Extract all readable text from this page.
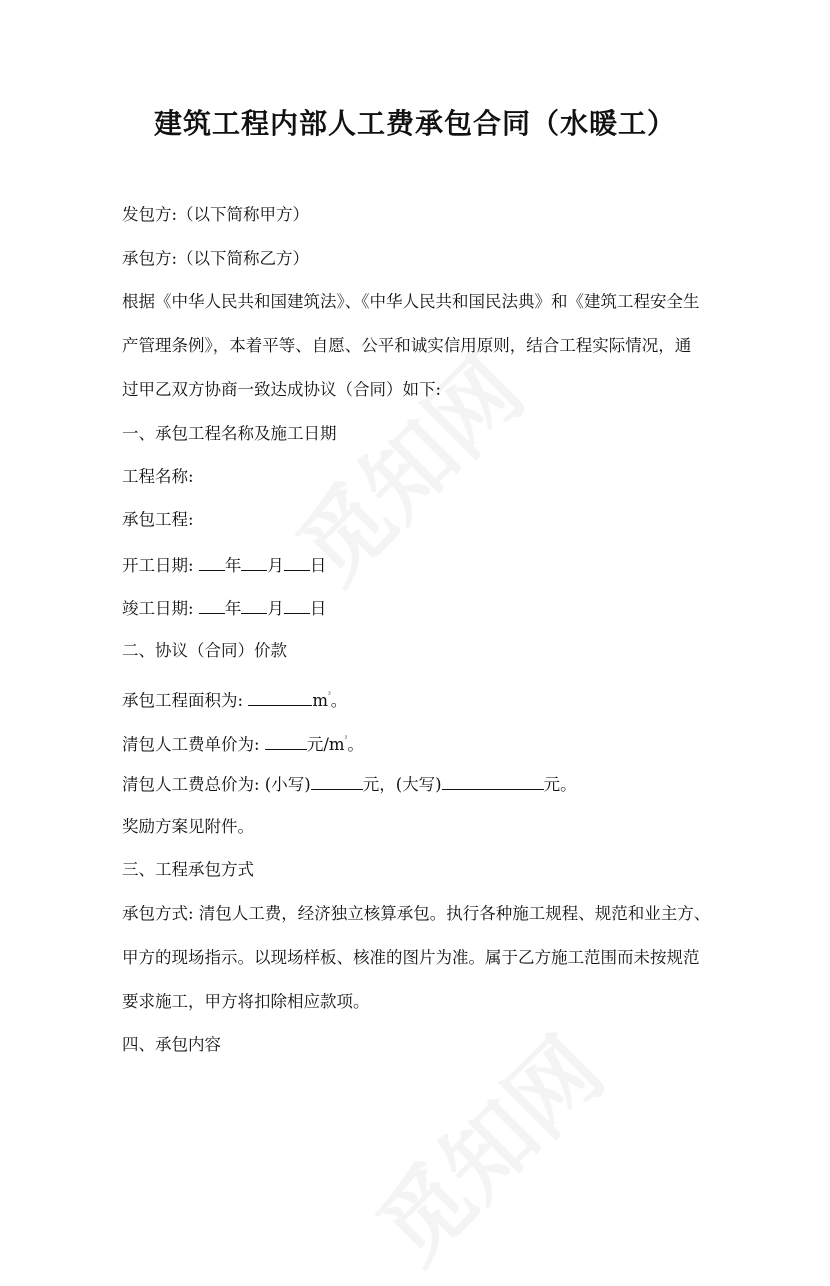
建筑工程内部人工费承包合同（水暖工）
发包方:（以下简称甲方）
承包方:（以下简称乙方）
根据《中华人民共和国建筑法》、《中华人民共和国民法典》和《建筑工程安全生
产管理条例》，本着平等、自愿、公平和诚实信用原则，结合工程实际情况，通
过甲乙双方协商一致达成协议（合同）如下:
一、承包工程名称及施工日期
工程名称:
承包工程:
开工日期: 年 月 日
竣工日期: 年 月 日
二、协议（合同）价款
承包工程面积为:	$m^{^2}$。
清包人工费单价为:	元$/m^{^2}$。
清包人工费总价为: (小写)	元，(大写)	元。
奖励方案见附件。
三、工程承包方式
承包方式: 清包人工费，经济独立核算承包。执行各种施工规程、规范和业主方、
甲方的现场指示。以现场样板、核准的图片为准。属于乙方施工范围而未按规范
要求施工，甲方将扣除相应款项。
四、承包内容
